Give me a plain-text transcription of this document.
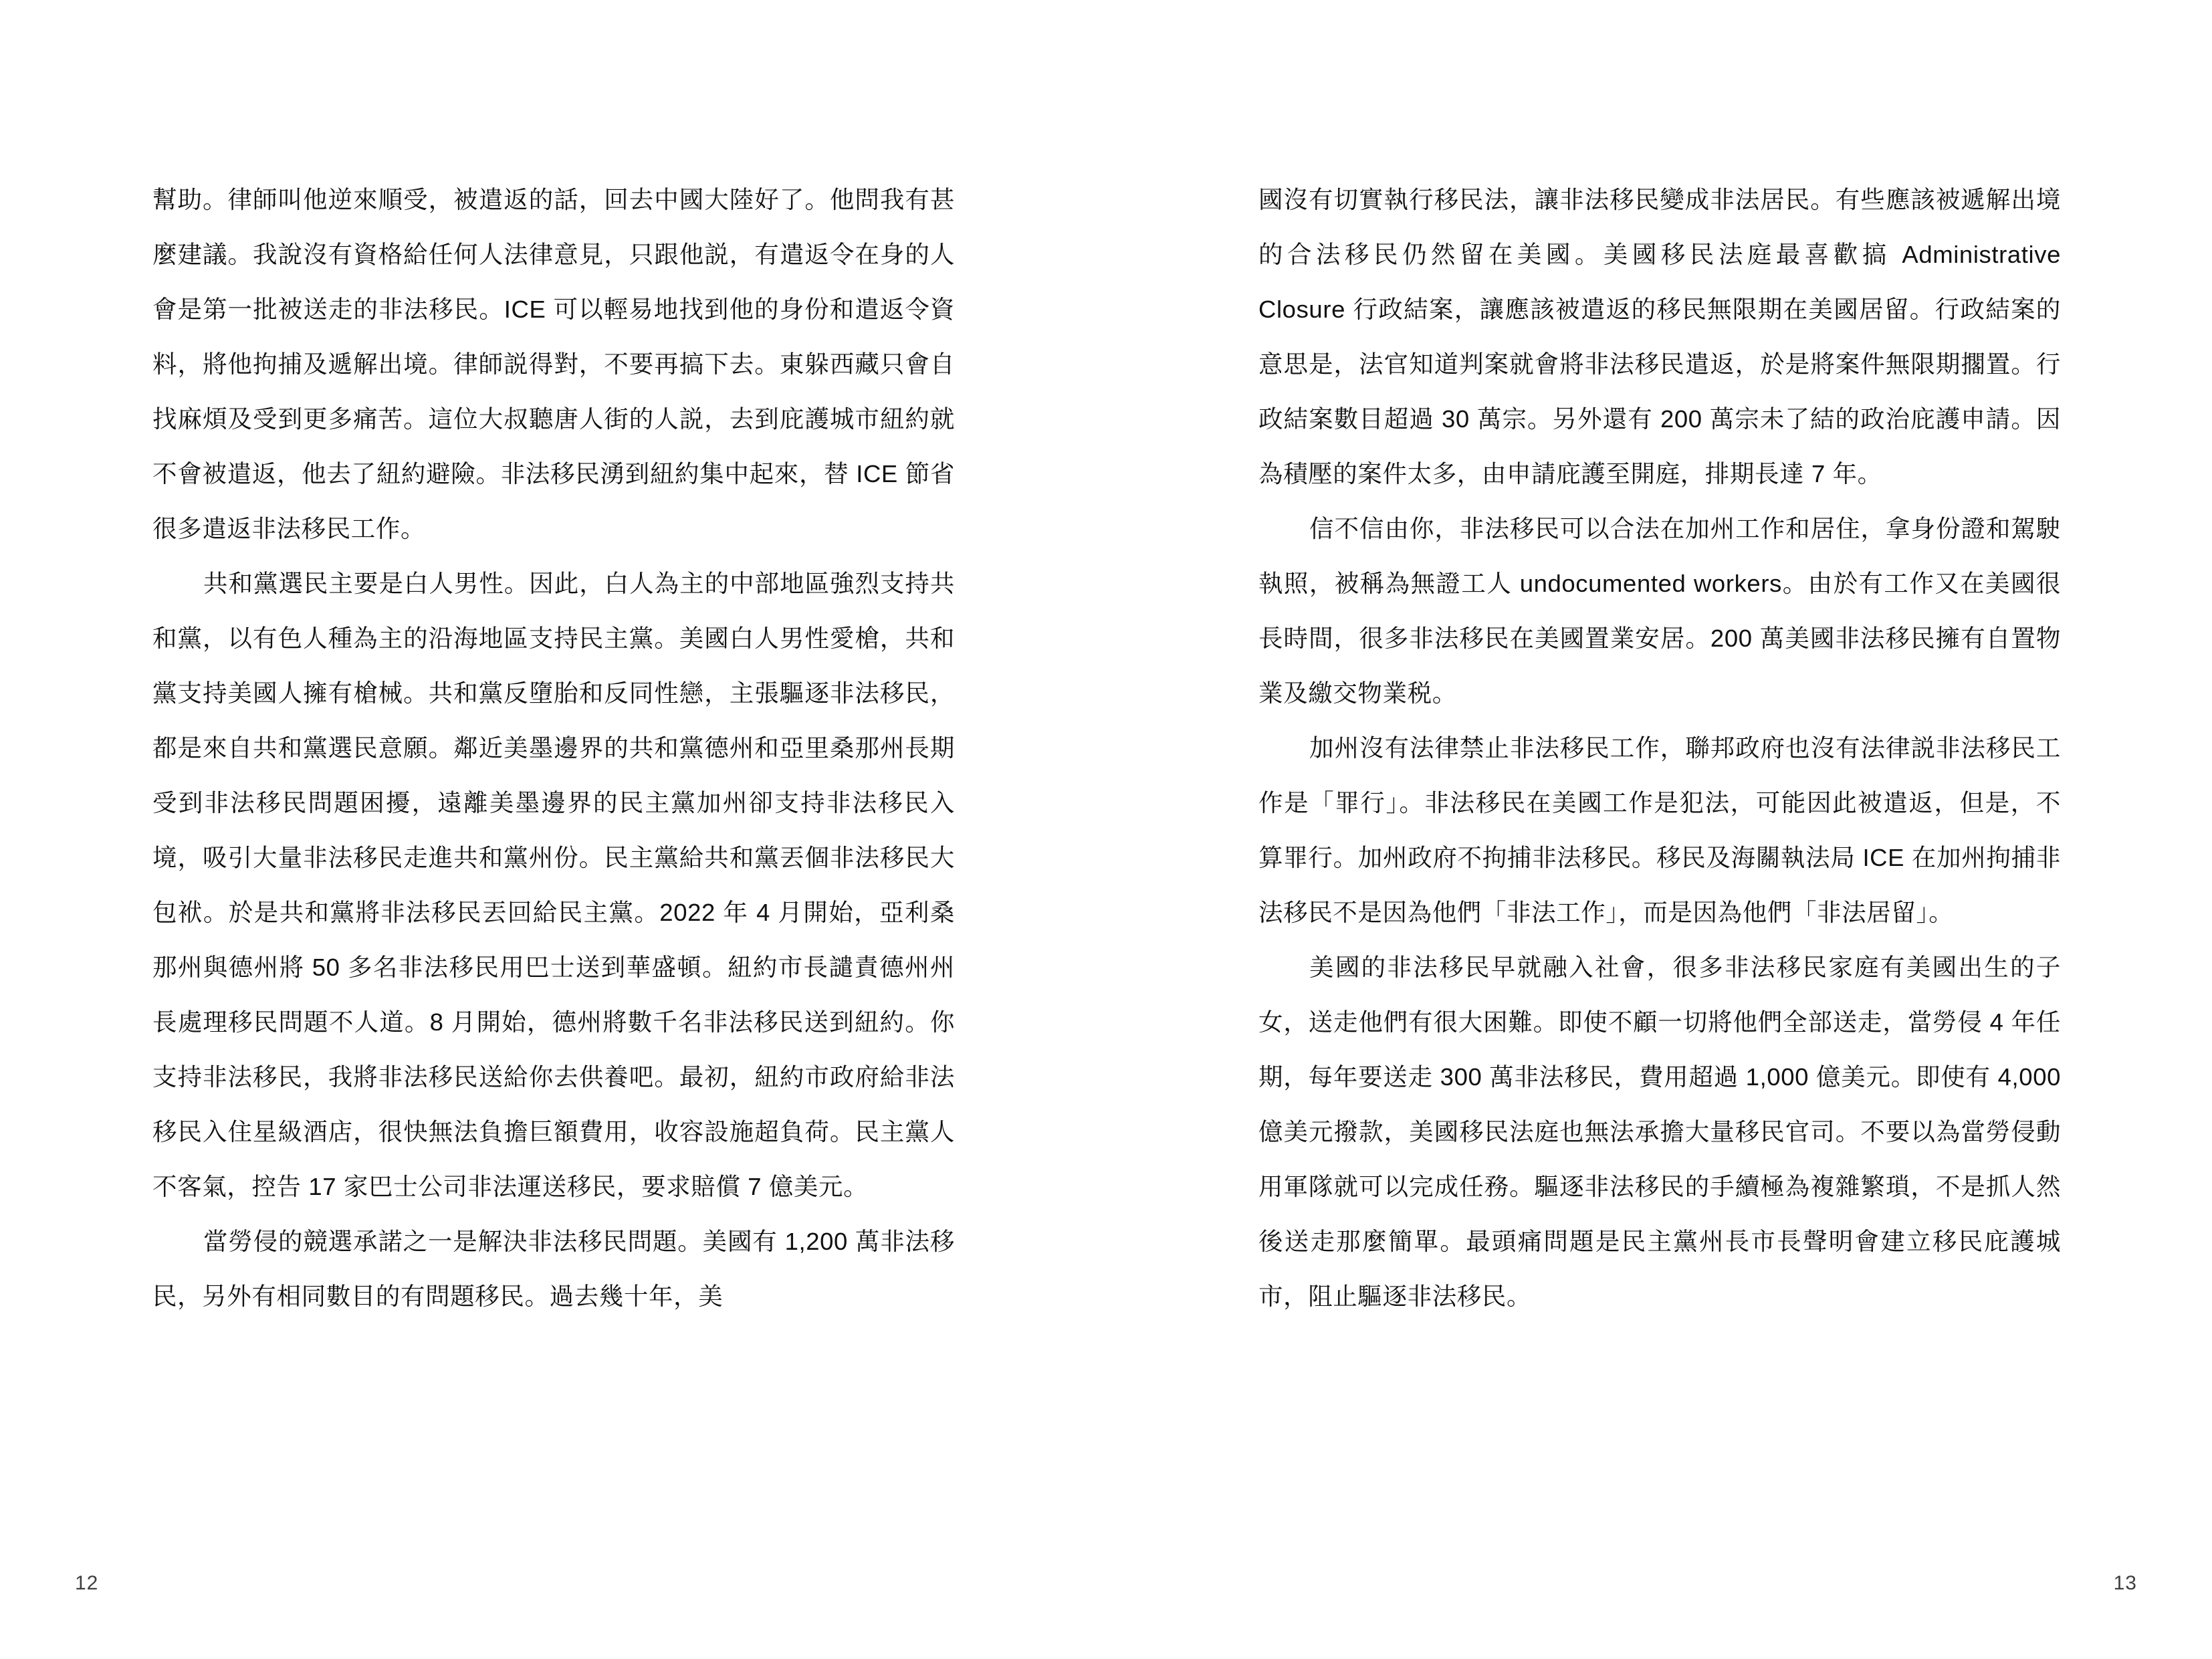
幫助。律師叫他逆來順受，被遣返的話，回去中國大陸好了。他問我有甚麼建議。我說沒有資格給任何人法律意見，只跟他説，有遣返令在身的人會是第一批被送走的非法移民。ICE 可以輕易地找到他的身份和遣返令資料，將他拘捕及遞解出境。律師説得對，不要再搞下去。東躲西藏只會自找麻煩及受到更多痛苦。這位大叔聽唐人街的人説，去到庇護城市紐約就不會被遣返，他去了紐約避險。非法移民湧到紐約集中起來，替 ICE 節省很多遣返非法移民工作。

共和黨選民主要是白人男性。因此，白人為主的中部地區強烈支持共和黨，以有色人種為主的沿海地區支持民主黨。美國白人男性愛槍，共和黨支持美國人擁有槍械。共和黨反墮胎和反同性戀，主張驅逐非法移民，都是來自共和黨選民意願。鄰近美墨邊界的共和黨德州和亞里桑那州長期受到非法移民問題困擾，遠離美墨邊界的民主黨加州卻支持非法移民入境，吸引大量非法移民走進共和黨州份。民主黨給共和黨丟個非法移民大包袱。於是共和黨將非法移民丟回給民主黨。2022 年 4 月開始，亞利桑那州與德州將 50 多名非法移民用巴士送到華盛頓。紐約市長譴責德州州長處理移民問題不人道。8 月開始，德州將數千名非法移民送到紐約。你支持非法移民，我將非法移民送給你去供養吧。最初，紐約市政府給非法移民入住星級酒店，很快無法負擔巨額費用，收容設施超負荷。民主黨人不客氣，控告 17 家巴士公司非法運送移民，要求賠償 7 億美元。

當勞侵的競選承諾之一是解決非法移民問題。美國有 1,200 萬非法移民，另外有相同數目的有問題移民。過去幾十年，美

12

國沒有切實執行移民法，讓非法移民變成非法居民。有些應該被遞解出境的合法移民仍然留在美國。美國移民法庭最喜歡搞 Administrative Closure 行政結案，讓應該被遣返的移民無限期在美國居留。行政結案的意思是，法官知道判案就會將非法移民遣返，於是將案件無限期擱置。行政結案數目超過 30 萬宗。另外還有 200 萬宗未了結的政治庇護申請。因為積壓的案件太多，由申請庇護至開庭，排期長達 7 年。

信不信由你，非法移民可以合法在加州工作和居住，拿身份證和駕駛執照，被稱為無證工人 undocumented workers。由於有工作又在美國很長時間，很多非法移民在美國置業安居。200 萬美國非法移民擁有自置物業及繳交物業税。

加州沒有法律禁止非法移民工作，聯邦政府也沒有法律説非法移民工作是「罪行」。非法移民在美國工作是犯法，可能因此被遣返，但是，不算罪行。加州政府不拘捕非法移民。移民及海關執法局 ICE 在加州拘捕非法移民不是因為他們「非法工作」，而是因為他們「非法居留」。

美國的非法移民早就融入社會，很多非法移民家庭有美國出生的子女，送走他們有很大困難。即使不顧一切將他們全部送走，當勞侵 4 年任期，每年要送走 300 萬非法移民，費用超過 1,000 億美元。即使有 4,000 億美元撥款，美國移民法庭也無法承擔大量移民官司。不要以為當勞侵動用軍隊就可以完成任務。驅逐非法移民的手續極為複雜繁瑣，不是抓人然後送走那麼簡單。最頭痛問題是民主黨州長市長聲明會建立移民庇護城市，阻止驅逐非法移民。

13
